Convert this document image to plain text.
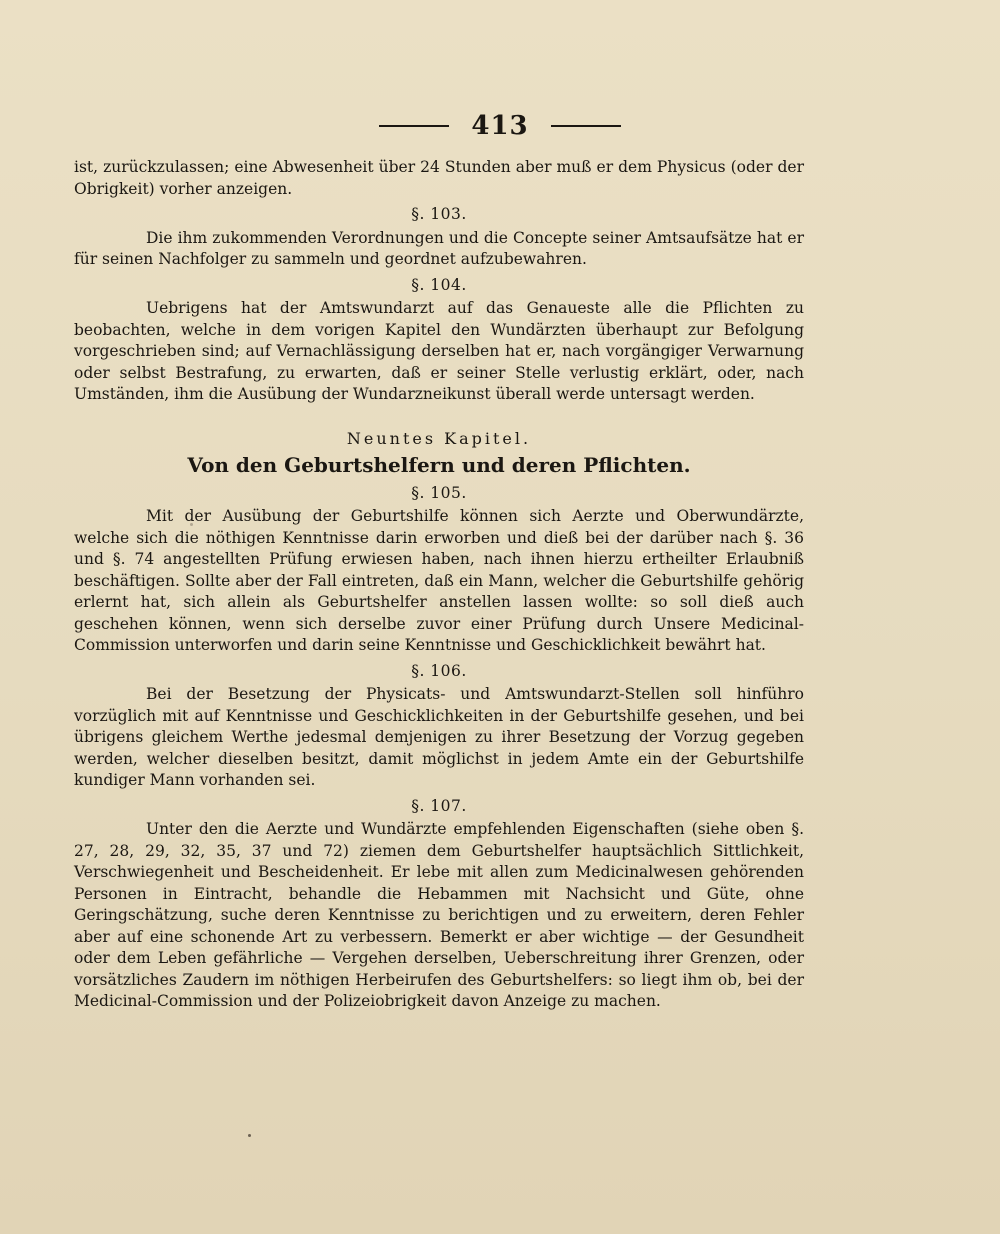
413

ist, zurückzulassen; eine Abwesenheit über 24 Stunden aber muß er dem Physicus (oder der Obrigkeit) vorher anzeigen.

§. 103.

Die ihm zukommenden Verordnungen und die Concepte seiner Amtsaufsätze hat er für seinen Nachfolger zu sammeln und geordnet aufzubewahren.

§. 104.

Uebrigens hat der Amtswundarzt auf das Genaueste alle die Pflichten zu beobachten, welche in dem vorigen Kapitel den Wundärzten überhaupt zur Befolgung vorgeschrieben sind; auf Vernachlässigung derselben hat er, nach vorgängiger Verwarnung oder selbst Bestrafung, zu erwarten, daß er seiner Stelle verlustig erklärt, oder, nach Umständen, ihm die Ausübung der Wundarzneikunst überall werde untersagt werden.

Neuntes Kapitel.
Von den Geburtshelfern und deren Pflichten.
§. 105.

Mit der Ausübung der Geburtshilfe können sich Aerzte und Oberwundärzte, welche sich die nöthigen Kenntnisse darin erworben und dieß bei der darüber nach §. 36 und §. 74 angestellten Prüfung erwiesen haben, nach ihnen hierzu ertheilter Erlaubniß beschäftigen. Sollte aber der Fall eintreten, daß ein Mann, welcher die Geburtshilfe gehörig erlernt hat, sich allein als Geburtshelfer anstellen lassen wollte: so soll dieß auch geschehen können, wenn sich derselbe zuvor einer Prüfung durch Unsere Medicinal-Commission unterworfen und darin seine Kenntnisse und Geschicklichkeit bewährt hat.

§. 106.

Bei der Besetzung der Physicats- und Amtswundarzt-Stellen soll hinführo vorzüglich mit auf Kenntnisse und Geschicklichkeiten in der Geburtshilfe gesehen, und bei übrigens gleichem Werthe jedesmal demjenigen zu ihrer Besetzung der Vorzug gegeben werden, welcher dieselben besitzt, damit möglichst in jedem Amte ein der Geburtshilfe kundiger Mann vorhanden sei.

§. 107.

Unter den die Aerzte und Wundärzte empfehlenden Eigenschaften (siehe oben §. 27, 28, 29, 32, 35, 37 und 72) ziemen dem Geburtshelfer hauptsächlich Sittlichkeit, Verschwiegenheit und Bescheidenheit. Er lebe mit allen zum Medicinalwesen gehörenden Personen in Eintracht, behandle die Hebammen mit Nachsicht und Güte, ohne Geringschätzung, suche deren Kenntnisse zu berichtigen und zu erweitern, deren Fehler aber auf eine schonende Art zu verbessern. Bemerkt er aber wichtige — der Gesundheit oder dem Leben gefährliche — Vergehen derselben, Ueberschreitung ihrer Grenzen, oder vorsätzliches Zaudern im nöthigen Herbeirufen des Geburtshelfers: so liegt ihm ob, bei der Medicinal-Commission und der Polizeiobrigkeit davon Anzeige zu machen.
